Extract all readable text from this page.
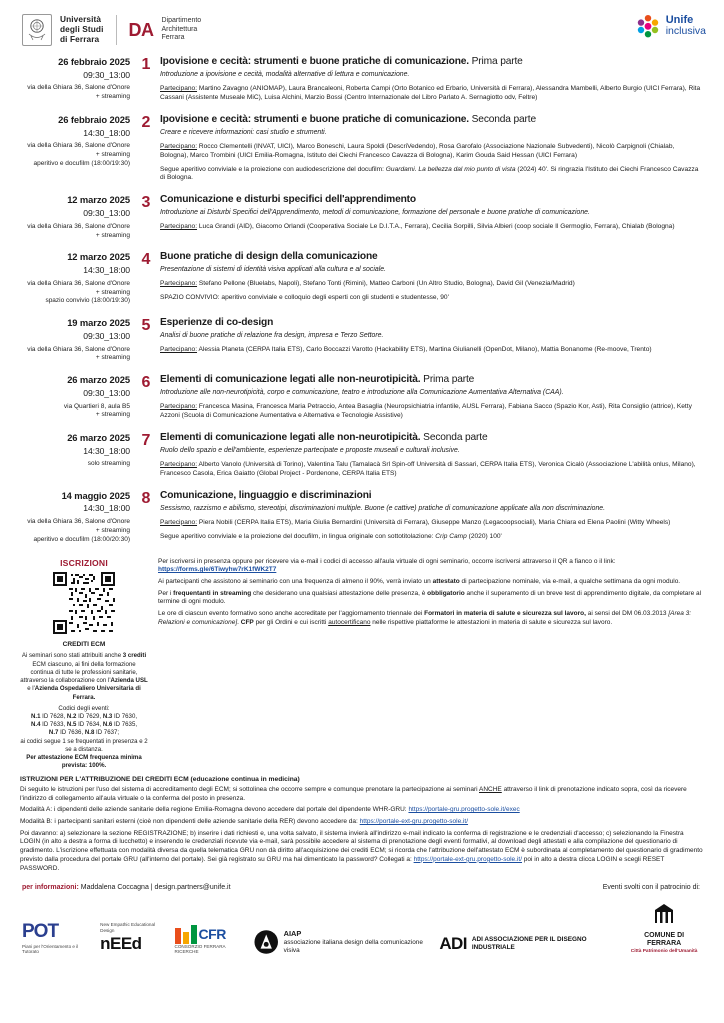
Università
degli Studi
di Ferrara DA Dipartimento
Architettura
Ferrara
Unife
inclusiva
26 febbraio 2025
09:30_13:00
via della Ghiara 36, Salone d'Onore
+ streaming
1 Ipovisione e cecità: strumenti e buone pratiche di comunicazione. Prima parte
Introduzione a ipovisione e cecità, modalità alternative di lettura e comunicazione.
Partecipano: Martino Zavagno (ANIOMAP), Laura Brancaleoni, Roberta Campi (Orto Botanico ed Erbario, Università di Ferrara), Alessandra Mambelli, Alberto Burgio (UICI Ferrara), Rita Cassani (Assistente Museale MiC), Luisa Alchini, Marzio Bossi (Centro Internazionale del Libro Parlato A. Sernagiotto odv, Feltre)
26 febbraio 2025
14:30_18:00
via della Ghiara 36, Salone d'Onore
+ streaming
aperitivo e docufilm (18:00/19:30)
2 Ipovisione e cecità: strumenti e buone pratiche di comunicazione. Seconda parte
Creare e ricevere informazioni: casi studio e strumenti.
Partecipano: Rocco Clementelli (INVAT, UICI), Marco Boneschi, Laura Spoldi (DescriVedendo), Rosa Garofalo (Associazione Nazionale Subvedenti), Nicolò Carpignoli (Chialab, Bologna), Marco Trombini (UICI Emilia-Romagna, Istituto dei Ciechi Francesco Cavazza di Bologna), Karim Gouda Said Hessan (UICI Ferrara)
Segue aperitivo conviviale e la proiezione con audiodescrizione del docufilm: Guardami. La bellezza dal mio punto di vista (2024) 40'. Si ringrazia l'Istituto dei Ciechi Francesco Cavazza di Bologna.
12 marzo 2025
09:30_13:00
via della Ghiara 36, Salone d'Onore
+ streaming
3 Comunicazione e disturbi specifici dell'apprendimento
Introduzione ai Disturbi Specifici dell'Apprendimento, metodi di comunicazione, formazione del personale e buone pratiche di comunicazione.
Partecipano: Luca Grandi (AID), Giacomo Orlandi (Cooperativa Sociale Le D.I.T.A., Ferrara), Cecilia Sorpilli, Silvia Albieri (coop sociale Il Germoglio, Ferrara), Chialab (Bologna)
12 marzo 2025
14:30_18:00
via della Ghiara 36, Salone d'Onore
+ streaming
spazio convivio (18:00/19:30)
4 Buone pratiche di design della comunicazione
Presentazione di sistemi di identità visiva applicati alla cultura e al sociale.
Partecipano: Stefano Pellone (Bluelabs, Napoli), Stefano Tonti (Rimini), Matteo Carboni (Un Altro Studio, Bologna), David Gil (Venezia/Madrid)
SPAZIO CONVIVIO: aperitivo conviviale e colloquio degli esperti con gli studenti e studentesse, 90'
19 marzo 2025
09:30_13:00
via della Ghiara 36, Salone d'Onore
+ streaming
5 Esperienze di co-design
Analisi di buone pratiche di relazione fra design, impresa e Terzo Settore.
Partecipano: Alessia Planeta (CERPA Italia ETS), Carlo Boccazzi Varotto (Hackability ETS), Martina Giulianelli (OpenDot, Milano), Mattia Bonanome (Re-moove, Trento)
26 marzo 2025
09:30_13:00
via Quartieri 8, aula B5
+ streaming
6 Elementi di comunicazione legati alle non-neurotipicità. Prima parte
Introduzione alle non-neurotipicità, corpo e comunicazione, teatro e introduzione alla Comunicazione Aumentativa Alternativa (CAA).
Partecipano: Francesca Masina, Francesca Maria Petraccio, Antea Basaglia (Neuropsichiatria infantile, AUSL Ferrara), Fabiana Sacco (Spazio Kor, Asti), Rita Consiglio (attrice), Ketty Azzoni (Scuola di Comunicazione Aumentativa e Alternativa e Tecnologie Assistive)
26 marzo 2025
14:30_18:00
solo streaming
7 Elementi di comunicazione legati alle non-neurotipicità. Seconda parte
Ruolo dello spazio e dell'ambiente, esperienze partecipate e proposte museali e culturali inclusive.
Partecipano: Alberto Vanolo (Università di Torino), Valentina Talu (Tamalacà Srl Spin-off Università di Sassari, CERPA Italia ETS), Veronica Cicalò (Associazione L'abilità onlus, Milano), Francesco Casola, Erica Gaiatto (Global Project - Pordenone, CERPA Italia ETS)
14 maggio 2025
14:30_18:00
via della Ghiara 36, Salone d'Onore
+ streaming
aperitivo e docufilm (18:00/20:30)
8 Comunicazione, linguaggio e discriminazioni
Sessismo, razzismo e abilismo, stereotipi, discriminazioni multiple. Buone (e cattive) pratiche di comunicazione applicate alla non discriminazione.
Partecipano: Piera Nobili (CERPA Italia ETS), Maria Giulia Bernardini (Università di Ferrara), Giuseppe Manzo (Legacoopsociali), Maria Chiara ed Elena Paolini (Witty Wheels)
Segue aperitivo conviviale e la proiezione del docufilm, in lingua originale con sottotitolazione: Crip Camp (2020) 100'
ISCRIZIONI
CREDITI ECM
Ai seminari sono stati attribuiti anche 3 crediti ECM ciascuno, ai fini della formazione continua di tutte le professioni sanitarie, attraverso la collaborazione con l'Azienda USL e l'Azienda Ospedaliero Universitaria di Ferrara.
Codici degli eventi:
N.1 ID 7628, N.2 ID 7629, N.3 ID 7630,
N.4 ID 7633, N.5 ID 7634, N.6 ID 7635,
N.7 ID 7636, N.8 ID 7637;
ai codici segue 1 se frequentati in presenza e 2 se a distanza.
Per attestazione ECM frequenza minima prevista: 100%.
Per iscriversi in presenza oppure per ricevere via e-mail i codici di accesso all'aula virtuale di ogni seminario, occorre iscriversi attraverso il QR a fianco o il link: https://forms.gle/6Tiwyhw7rK1fWK2T7
Ai partecipanti che assistono ai seminario con una frequenza di almeno il 90%, verrà inviato un attestato di partecipazione nominale, via e-mail, a qualche settimana da ogni modulo.
Per i frequentanti in streaming che desiderano una qualsiasi attestazione delle presenza, è obbligatorio anche il superamento di un breve test di apprendimento digitale, da completare al termine di ogni modulo.
Le ore di ciascun evento formativo sono anche accreditate per l'aggiornamento triennale dei Formatori in materia di salute e sicurezza sul lavoro, ai sensi del DM 06.03.2013 [Area 3: Relazioni e comunicazione]. CFP per gli Ordini e cui iscritti autocertificano nelle rispettive piattaforme le attestazioni in materia di salute e sicurezza sul lavoro.
ISTRUZIONI PER L'ATTRIBUZIONE DEI CREDITI ECM (educazione continua in medicina)
Di seguito le istruzioni per l'uso del sistema di accreditamento degli ECM; si sottolinea che occorre sempre e comunque prenotare la partecipazione ai seminari ANCHE attraverso il link di prenotazione indicato sopra, così da ricevere l'indirizzo di collegamento all'aula virtuale o la conferma del posto in presenza.
Modalità A: i dipendenti delle aziende sanitarie della regione Emilia-Romagna devono accedere dal portale del dipendente WHR-GRU: https://portale-gru.progetto-sole.it/exec
Modalità B: i partecipanti sanitari esterni (cioè non dipendenti delle aziende sanitarie della RER) devono accedere da: https://portale-ext-gru.progetto-sole.it/
Poi davanno: a) selezionare la sezione REGISTRAZIONE; b) inserire i dati richiesti e, una volta salvato, il sistema invierà all'indirizzo e-mail indicato la conferma di registrazione e le credenziali d'accesso; c) selezionando la Finestra LOGIN (in alto a destra a forma di lucchetto) e inserendo le credenziali ricevute via e-mail, sarà possibile accedere al sistema di prenotazione degli eventi formativi, al download degli attestati e alla compilazione del questionario di gradimento. L'iscrizione effettuata con modalità diversa da quella telematica GRU non dà diritto all'acquisizione dei crediti ECM; si ricorda che l'attribuzione dell'attestato ECM è subordinata al completamento del questionario di gradimento previsto dalla procedura del portale GRU (all'interno del portale). Sei già registrato su GRU ma hai dimenticato la password? Collegati a: https://portale-ext-gru.progetto-sole.it/ poi in alto a destra clicca LOGIN e scegli RESET PASSWORD.
per informazioni: Maddalena Coccagna | design.partners@unife.it	Eventi svolti con il patrocinio di:
POT
Piani per l'Orientamento e il Tutorato
New Empathic Educational Design
nEEd
CFR
CONSORZIO FERRARA RICERCHE
AIAP
associazione italiana design della comunicazione visiva	ADI ADI ASSOCIAZIONE PER IL DISEGNO INDUSTRIALE
COMUNE DI FERRARA
Città Patrimonio dell'Umanità
